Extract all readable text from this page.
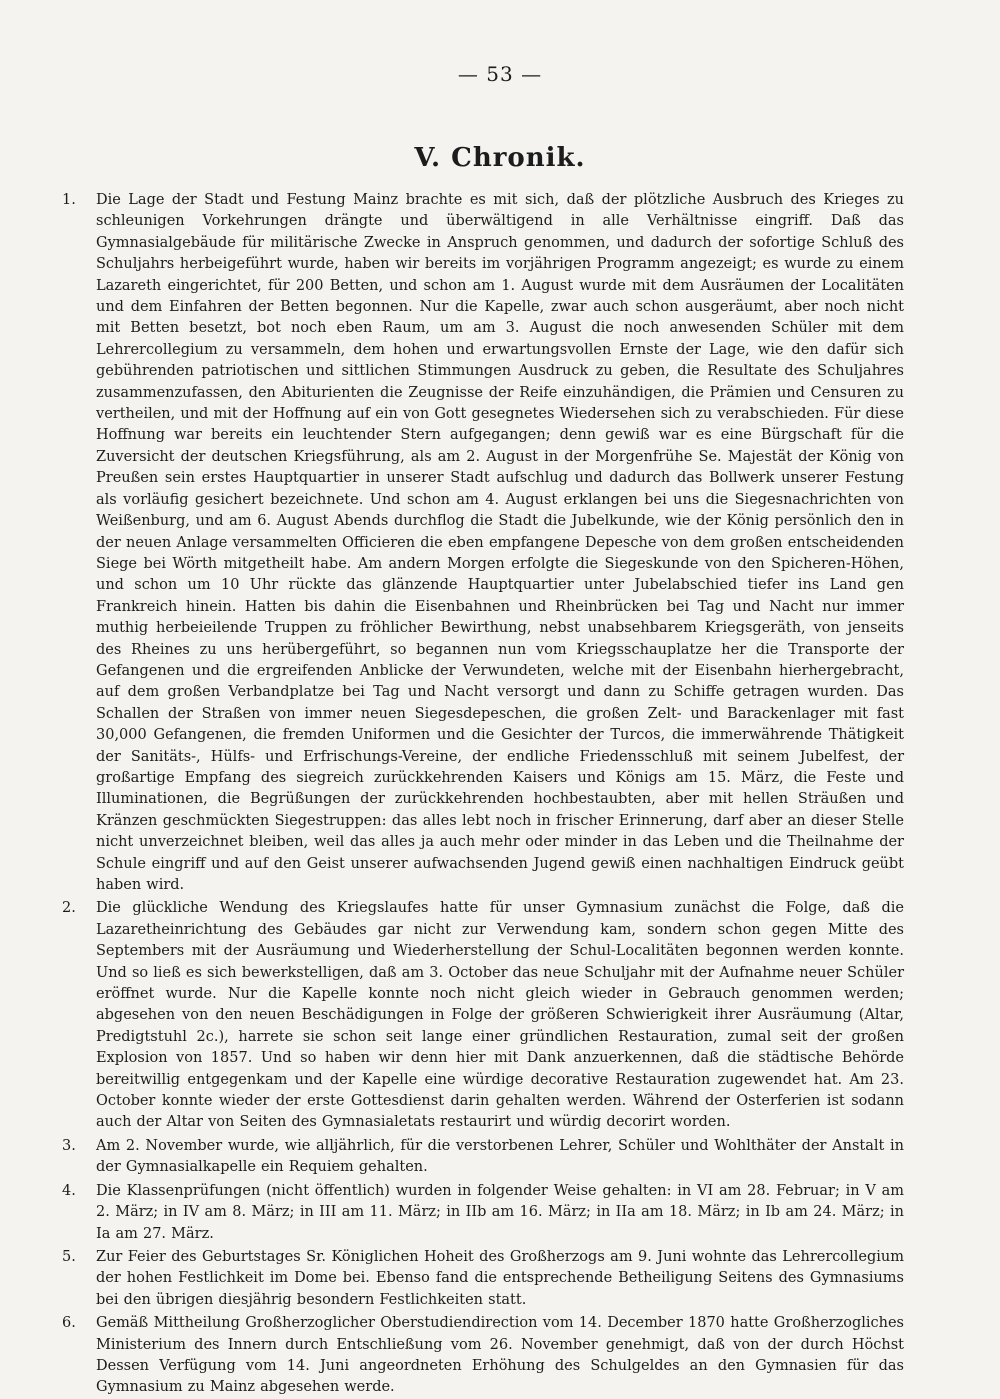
— 53 —
V. Chronik.
1. Die Lage der Stadt und Festung Mainz brachte es mit sich, daß der plötzliche Ausbruch des Krieges zu schleunigen Vorkehrungen drängte und überwältigend in alle Verhältnisse eingriff. Daß das Gymnasialgebäude für militärische Zwecke in Anspruch genommen, und dadurch der sofortige Schluß des Schuljahrs herbeigeführt wurde, haben wir bereits im vorjährigen Programm angezeigt; es wurde zu einem Lazareth eingerichtet, für 200 Betten, und schon am 1. August wurde mit dem Ausräumen der Localitäten und dem Einfahren der Betten begonnen. Nur die Kapelle, zwar auch schon ausgeräumt, aber noch nicht mit Betten besetzt, bot noch eben Raum, um am 3. August die noch anwesenden Schüler mit dem Lehrercollegium zu versammeln, dem hohen und erwartungsvollen Ernste der Lage, wie den dafür sich gebührenden patriotischen und sittlichen Stimmungen Ausdruck zu geben, die Resultate des Schuljahres zusammenzufassen, den Abiturienten die Zeugnisse der Reife einzuhändigen, die Prämien und Censuren zu vertheilen, und mit der Hoffnung auf ein von Gott gesegnetes Wiedersehen sich zu verabschieden. Für diese Hoffnung war bereits ein leuchtender Stern aufgegangen; denn gewiß war es eine Bürgschaft für die Zuversicht der deutschen Kriegsführung, als am 2. August in der Morgenfrühe Se. Majestät der König von Preußen sein erstes Hauptquartier in unserer Stadt aufschlug und dadurch das Bollwerk unserer Festung als vorläufig gesichert bezeichnete. Und schon am 4. August erklangen bei uns die Siegesnachrichten von Weißenburg, und am 6. August Abends durchflog die Stadt die Jubelkunde, wie der König persönlich den in der neuen Anlage versammelten Officieren die eben empfangene Depesche von dem großen entscheidenden Siege bei Wörth mitgetheilt habe. Am andern Morgen erfolgte die Siegeskunde von den Spicheren-Höhen, und schon um 10 Uhr rückte das glänzende Hauptquartier unter Jubelabschied tiefer ins Land gen Frankreich hinein. Hatten bis dahin die Eisenbahnen und Rheinbrücken bei Tag und Nacht nur immer muthig herbeieilende Truppen zu fröhlicher Bewirthung, nebst unabsehbarem Kriegsgeräth, von jenseits des Rheines zu uns herübergeführt, so begannen nun vom Kriegsschauplatze her die Transporte der Gefangenen und die ergreifenden Anblicke der Verwundeten, welche mit der Eisenbahn hierhergebracht, auf dem großen Verbandplatze bei Tag und Nacht versorgt und dann zu Schiffe getragen wurden. Das Schallen der Straßen von immer neuen Siegesdepeschen, die großen Zelt- und Barackenlager mit fast 30,000 Gefangenen, die fremden Uniformen und die Gesichter der Turcos, die immerwährende Thätigkeit der Sanitäts-, Hülfs- und Erfrischungs-Vereine, der endliche Friedensschluß mit seinem Jubelfest, der großartige Empfang des siegreich zurückkehrenden Kaisers und Königs am 15. März, die Feste und Illuminationen, die Begrüßungen der zurückkehrenden hochbestaubten, aber mit hellen Sträußen und Kränzen geschmückten Siegestruppen: das alles lebt noch in frischer Erinnerung, darf aber an dieser Stelle nicht unverzeichnet bleiben, weil das alles ja auch mehr oder minder in das Leben und die Theilnahme der Schule eingriff und auf den Geist unserer aufwachsenden Jugend gewiß einen nachhaltigen Eindruck geübt haben wird.

2. Die glückliche Wendung des Kriegslaufes hatte für unser Gymnasium zunächst die Folge, daß die Lazaretheinrichtung des Gebäudes gar nicht zur Verwendung kam, sondern schon gegen Mitte des Septembers mit der Ausräumung und Wiederherstellung der Schul-Localitäten begonnen werden konnte. Und so ließ es sich bewerkstelligen, daß am 3. October das neue Schuljahr mit der Aufnahme neuer Schüler eröffnet wurde. Nur die Kapelle konnte noch nicht gleich wieder in Gebrauch genommen werden; abgesehen von den neuen Beschädigungen in Folge der größeren Schwierigkeit ihrer Ausräumung (Altar, Predigtstuhl 2c.), harrete sie schon seit lange einer gründlichen Restauration, zumal seit der großen Explosion von 1857. Und so haben wir denn hier mit Dank anzuerkennen, daß die städtische Behörde bereitwillig entgegenkam und der Kapelle eine würdige decorative Restauration zugewendet hat. Am 23. October konnte wieder der erste Gottesdienst darin gehalten werden. Während der Osterferien ist sodann auch der Altar von Seiten des Gymnasialetats restaurirt und würdig decorirt worden.

3. Am 2. November wurde, wie alljährlich, für die verstorbenen Lehrer, Schüler und Wohlthäter der Anstalt in der Gymnasialkapelle ein Requiem gehalten.

4. Die Klassenprüfungen (nicht öffentlich) wurden in folgender Weise gehalten: in VI am 28. Februar; in V am 2. März; in IV am 8. März; in III am 11. März; in IIb am 16. März; in IIa am 18. März; in Ib am 24. März; in Ia am 27. März.

5. Zur Feier des Geburtstages Sr. Königlichen Hoheit des Großherzogs am 9. Juni wohnte das Lehrercollegium der hohen Festlichkeit im Dome bei. Ebenso fand die entsprechende Betheiligung Seitens des Gymnasiums bei den übrigen diesjährig besondern Festlichkeiten statt.

6. Gemäß Mittheilung Großherzoglicher Oberstudiendirection vom 14. December 1870 hatte Großherzogliches Ministerium des Innern durch Entschließung vom 26. November genehmigt, daß von der durch Höchst Dessen Verfügung vom 14. Juni angeordneten Erhöhung des Schulgeldes an den Gymnasien für das Gymnasium zu Mainz abgesehen werde.
